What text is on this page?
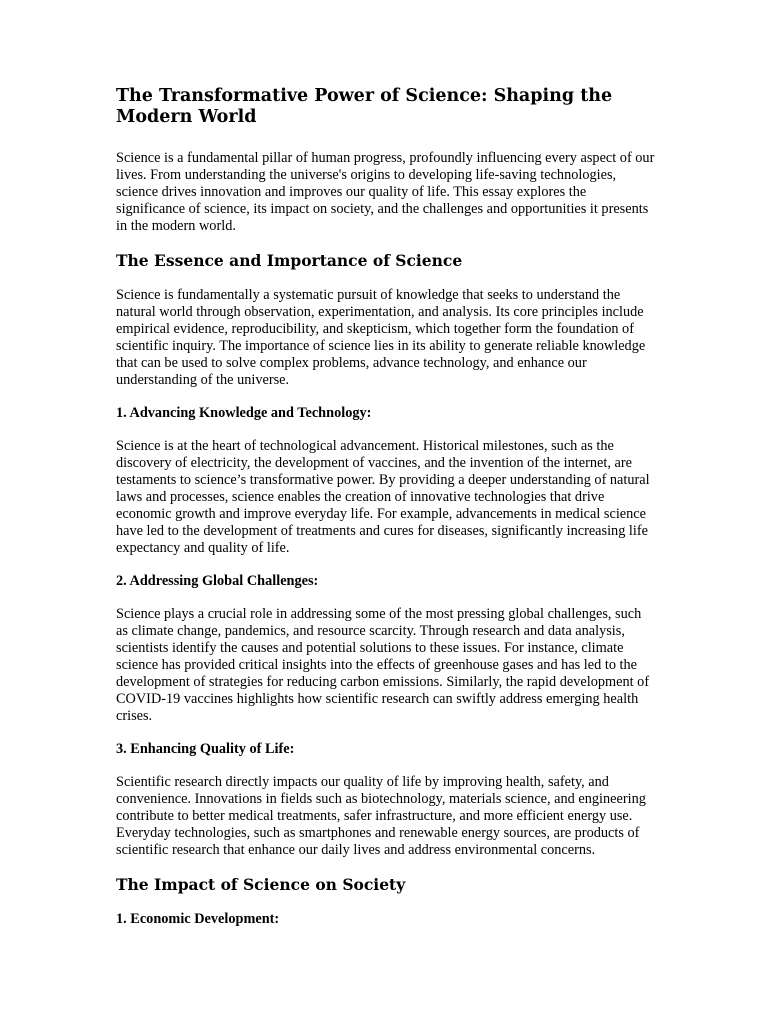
The Transformative Power of Science: Shaping the Modern World

Science is a fundamental pillar of human progress, profoundly influencing every aspect of our lives. From understanding the universe's origins to developing life-saving technologies, science drives innovation and improves our quality of life. This essay explores the significance of science, its impact on society, and the challenges and opportunities it presents in the modern world.

The Essence and Importance of Science

Science is fundamentally a systematic pursuit of knowledge that seeks to understand the natural world through observation, experimentation, and analysis. Its core principles include empirical evidence, reproducibility, and skepticism, which together form the foundation of scientific inquiry. The importance of science lies in its ability to generate reliable knowledge that can be used to solve complex problems, advance technology, and enhance our understanding of the universe.

1. Advancing Knowledge and Technology:

Science is at the heart of technological advancement. Historical milestones, such as the discovery of electricity, the development of vaccines, and the invention of the internet, are testaments to science’s transformative power. By providing a deeper understanding of natural laws and processes, science enables the creation of innovative technologies that drive economic growth and improve everyday life. For example, advancements in medical science have led to the development of treatments and cures for diseases, significantly increasing life expectancy and quality of life.

2. Addressing Global Challenges:

Science plays a crucial role in addressing some of the most pressing global challenges, such as climate change, pandemics, and resource scarcity. Through research and data analysis, scientists identify the causes and potential solutions to these issues. For instance, climate science has provided critical insights into the effects of greenhouse gases and has led to the development of strategies for reducing carbon emissions. Similarly, the rapid development of COVID-19 vaccines highlights how scientific research can swiftly address emerging health crises.

3. Enhancing Quality of Life:

Scientific research directly impacts our quality of life by improving health, safety, and convenience. Innovations in fields such as biotechnology, materials science, and engineering contribute to better medical treatments, safer infrastructure, and more efficient energy use. Everyday technologies, such as smartphones and renewable energy sources, are products of scientific research that enhance our daily lives and address environmental concerns.

The Impact of Science on Society
1. Economic Development:
